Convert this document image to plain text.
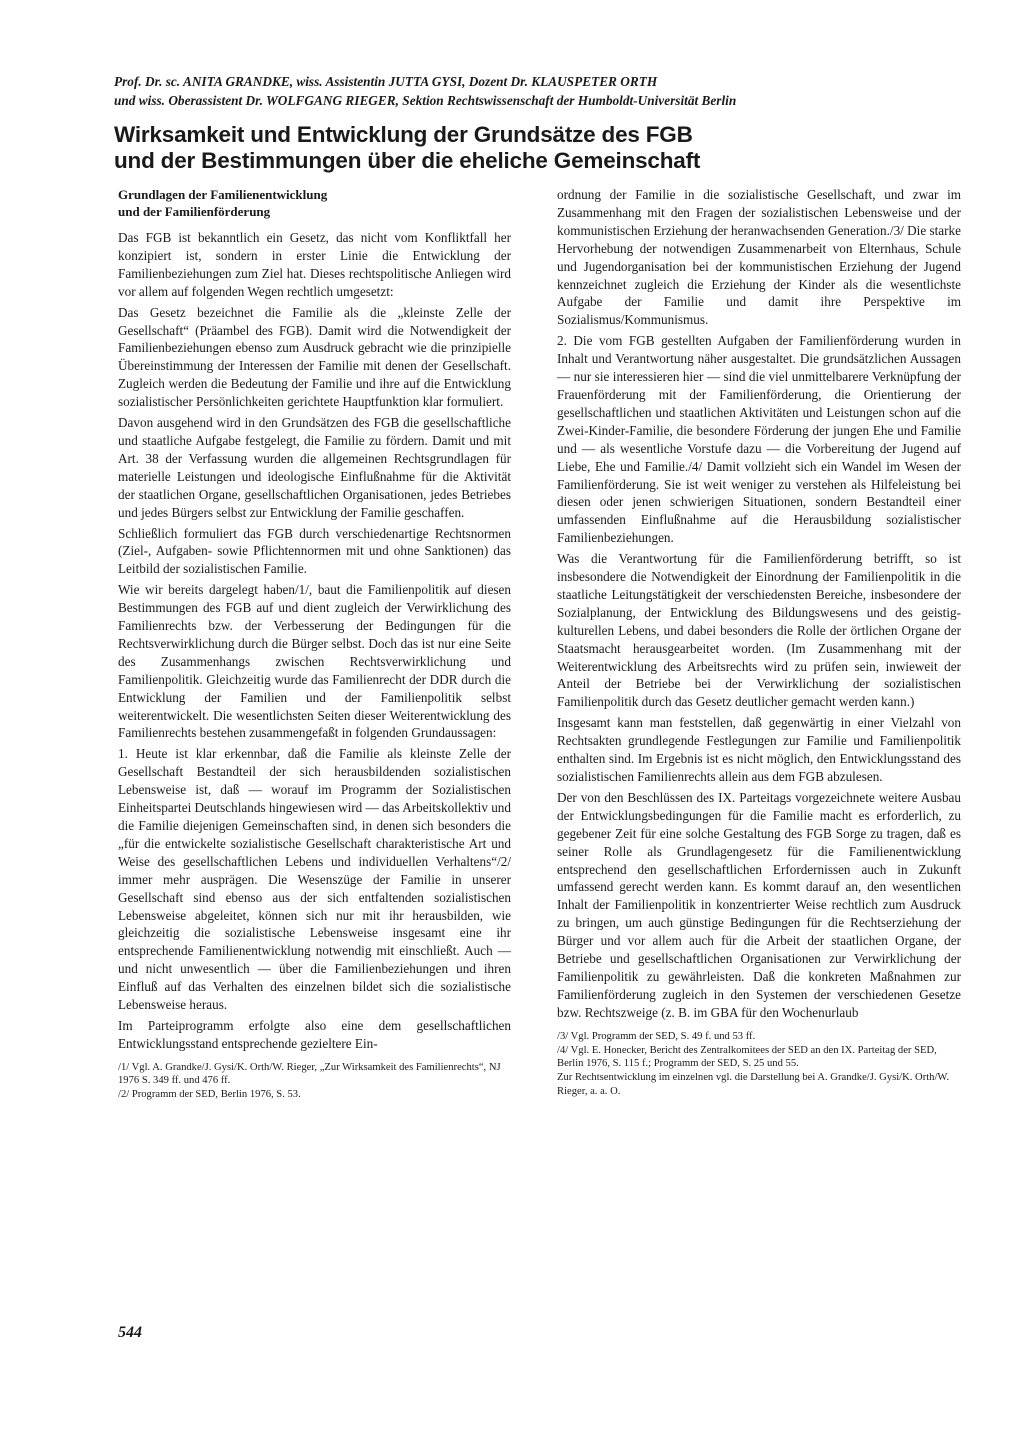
Prof. Dr. sc. ANITA GRANDKE, wiss. Assistentin JUTTA GYSI, Dozent Dr. KLAUSPETER ORTH
und wiss. Oberassistent Dr. WOLFGANG RIEGER, Sektion Rechtswissenschaft der Humboldt-Universität Berlin
Wirksamkeit und Entwicklung der Grundsätze des FGB
und der Bestimmungen über die eheliche Gemeinschaft
Grundlagen der Familienentwicklung
und der Familienförderung

Das FGB ist bekanntlich ein Gesetz, das nicht vom Konfliktfall her konzipiert ist, sondern in erster Linie die Entwicklung der Familienbeziehungen zum Ziel hat. Dieses rechtspolitische Anliegen wird vor allem auf folgenden Wegen rechtlich umgesetzt:

Das Gesetz bezeichnet die Familie als die „kleinste Zelle der Gesellschaft“ (Präambel des FGB). Damit wird die Notwendigkeit der Familienbeziehungen ebenso zum Ausdruck gebracht wie die prinzipielle Übereinstimmung der Interessen der Familie mit denen der Gesellschaft. Zugleich werden die Bedeutung der Familie und ihre auf die Entwicklung sozialistischer Persönlichkeiten gerichtete Hauptfunktion klar formuliert.

Davon ausgehend wird in den Grundsätzen des FGB die gesellschaftliche und staatliche Aufgabe festgelegt, die Familie zu fördern. Damit und mit Art. 38 der Verfassung wurden die allgemeinen Rechtsgrundlagen für materielle Leistungen und ideologische Einflußnahme für die Aktivität der staatlichen Organe, gesellschaftlichen Organisationen, jedes Betriebes und jedes Bürgers selbst zur Entwicklung der Familie geschaffen.

Schließlich formuliert das FGB durch verschiedenartige Rechtsnormen (Ziel-, Aufgaben- sowie Pflichtennormen mit und ohne Sanktionen) das Leitbild der sozialistischen Familie.

Wie wir bereits dargelegt haben/1/, baut die Familienpolitik auf diesen Bestimmungen des FGB auf und dient zugleich der Verwirklichung des Familienrechts bzw. der Verbesserung der Bedingungen für die Rechtsverwirklichung durch die Bürger selbst. Doch das ist nur eine Seite des Zusammenhangs zwischen Rechtsverwirklichung und Familienpolitik. Gleichzeitig wurde das Familienrecht der DDR durch die Entwicklung der Familien und der Familienpolitik selbst weiterentwickelt. Die wesentlichsten Seiten dieser Weiterentwicklung des Familienrechts bestehen zusammengefaßt in folgenden Grundaussagen:

1. Heute ist klar erkennbar, daß die Familie als kleinste Zelle der Gesellschaft Bestandteil der sich herausbildenden sozialistischen Lebensweise ist, daß — worauf im Programm der Sozialistischen Einheitspartei Deutschlands hingewiesen wird — das Arbeitskollektiv und die Familie diejenigen Gemeinschaften sind, in denen sich besonders die „für die entwickelte sozialistische Gesellschaft charakteristische Art und Weise des gesellschaftlichen Lebens und individuellen Verhaltens“/2/ immer mehr ausprägen. Die Wesenszüge der Familie in unserer Gesellschaft sind ebenso aus der sich entfaltenden sozialistischen Lebensweise abgeleitet, können sich nur mit ihr herausbilden, wie gleichzeitig die sozialistische Lebensweise insgesamt eine ihr entsprechende Familienentwicklung notwendig mit einschließt. Auch — und nicht unwesentlich — über die Familienbeziehungen und ihren Einfluß auf das Verhalten des einzelnen bildet sich die sozialistische Lebensweise heraus.

Im Parteiprogramm erfolgte also eine dem gesellschaftlichen Entwicklungsstand entsprechende gezieltere Ein-

/1/ Vgl. A. Grandke/J. Gysi/K. Orth/W. Rieger, „Zur Wirksamkeit des Familienrechts“, NJ 1976 S. 349 ff. und 476 ff.

/2/ Programm der SED, Berlin 1976, S. 53.

ordnung der Familie in die sozialistische Gesellschaft, und zwar im Zusammenhang mit den Fragen der sozialistischen Lebensweise und der kommunistischen Erziehung der heranwachsenden Generation./3/ Die starke Hervorhebung der notwendigen Zusammenarbeit von Elternhaus, Schule und Jugendorganisation bei der kommunistischen Erziehung der Jugend kennzeichnet zugleich die Erziehung der Kinder als die wesentlichste Aufgabe der Familie und damit ihre Perspektive im Sozialismus/Kommunismus.

2. Die vom FGB gestellten Aufgaben der Familienförderung wurden in Inhalt und Verantwortung näher ausgestaltet. Die grundsätzlichen Aussagen — nur sie interessieren hier — sind die viel unmittelbarere Verknüpfung der Frauenförderung mit der Familienförderung, die Orientierung der gesellschaftlichen und staatlichen Aktivitäten und Leistungen schon auf die Zwei-Kinder-Familie, die besondere Förderung der jungen Ehe und Familie und — als wesentliche Vorstufe dazu — die Vorbereitung der Jugend auf Liebe, Ehe und Familie./4/ Damit vollzieht sich ein Wandel im Wesen der Familienförderung. Sie ist weit weniger zu verstehen als Hilfeleistung bei diesen oder jenen schwierigen Situationen, sondern Bestandteil einer umfassenden Einflußnahme auf die Herausbildung sozialistischer Familienbeziehungen.

Was die Verantwortung für die Familienförderung betrifft, so ist insbesondere die Notwendigkeit der Einordnung der Familienpolitik in die staatliche Leitungstätigkeit der verschiedensten Bereiche, insbesondere der Sozialplanung, der Entwicklung des Bildungswesens und des geistig-kulturellen Lebens, und dabei besonders die Rolle der örtlichen Organe der Staatsmacht herausgearbeitet worden. (Im Zusammenhang mit der Weiterentwicklung des Arbeitsrechts wird zu prüfen sein, inwieweit der Anteil der Betriebe bei der Verwirklichung der sozialistischen Familienpolitik durch das Gesetz deutlicher gemacht werden kann.)

Insgesamt kann man feststellen, daß gegenwärtig in einer Vielzahl von Rechtsakten grundlegende Festlegungen zur Familie und Familienpolitik enthalten sind. Im Ergebnis ist es nicht möglich, den Entwicklungsstand des sozialistischen Familienrechts allein aus dem FGB abzulesen.

Der von den Beschlüssen des IX. Parteitags vorgezeichnete weitere Ausbau der Entwicklungsbedingungen für die Familie macht es erforderlich, zu gegebener Zeit für eine solche Gestaltung des FGB Sorge zu tragen, daß es seiner Rolle als Grundlagengesetz für die Familienentwicklung entsprechend den gesellschaftlichen Erfordernissen auch in Zukunft umfassend gerecht werden kann. Es kommt darauf an, den wesentlichen Inhalt der Familienpolitik in konzentrierter Weise rechtlich zum Ausdruck zu bringen, um auch günstige Bedingungen für die Rechtserziehung der Bürger und vor allem auch für die Arbeit der staatlichen Organe, der Betriebe und gesellschaftlichen Organisationen zur Verwirklichung der Familienpolitik zu gewährleisten. Daß die konkreten Maßnahmen zur Familienförderung zugleich in den Systemen der verschiedenen Gesetze bzw. Rechtszweige (z. B. im GBA für den Wochenurlaub

/3/ Vgl. Programm der SED, S. 49 f. und 53 ff.

/4/ Vgl. E. Honecker, Bericht des Zentralkomitees der SED an den IX. Parteitag der SED, Berlin 1976, S. 115 f.; Programm der SED, S. 25 und 55.

Zur Rechtsentwicklung im einzelnen vgl. die Darstellung bei A. Grandke/J. Gysi/K. Orth/W. Rieger, a. a. O.

544
